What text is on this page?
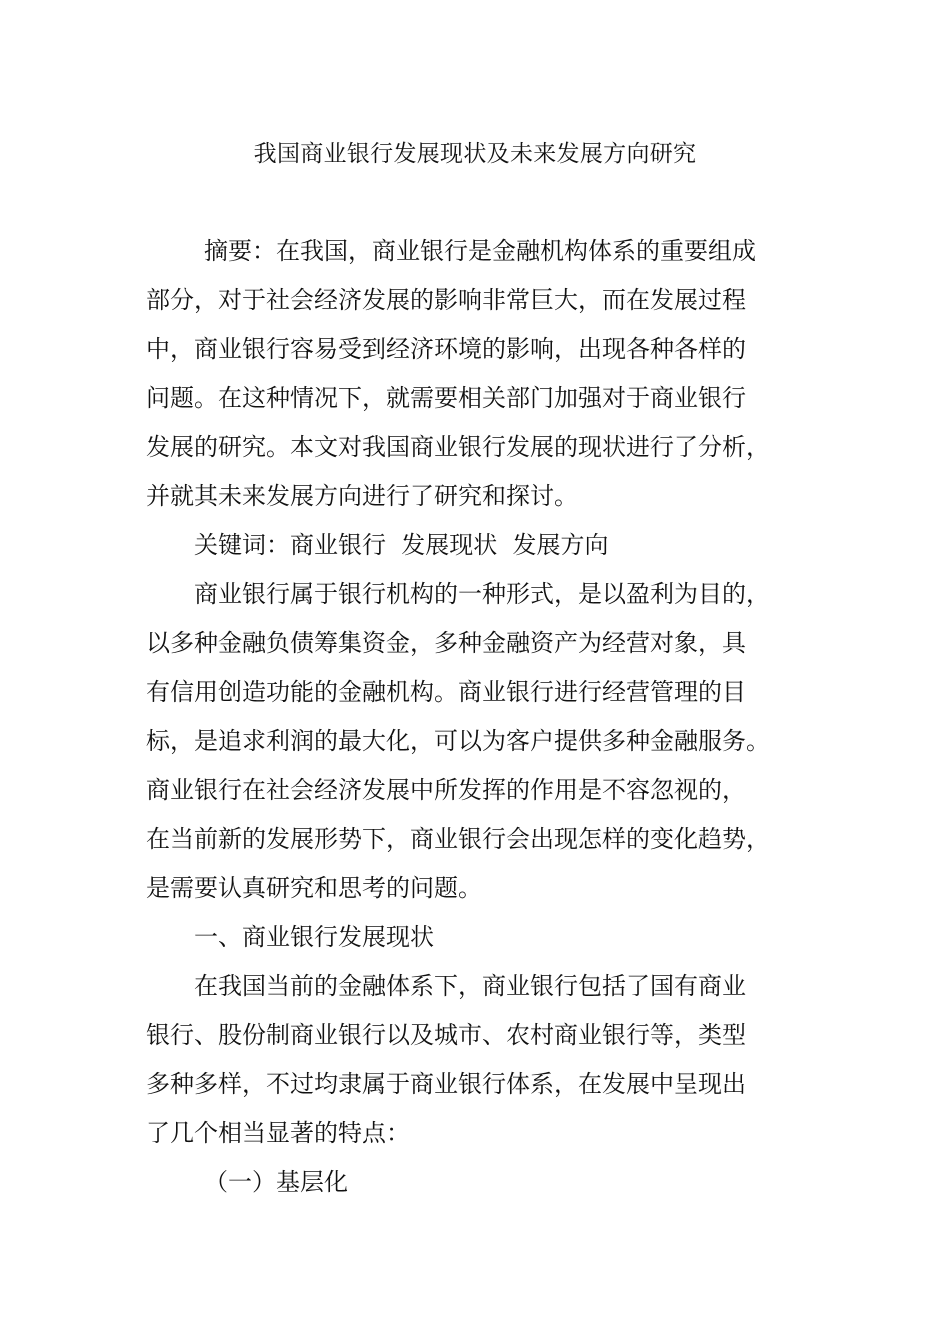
我国商业银行发展现状及未来发展方向研究
摘要：在我国，商业银行是金融机构体系的重要组成
部分，对于社会经济发展的影响非常巨大，而在发展过程
中，商业银行容易受到经济环境的影响，出现各种各样的
问题。在这种情况下，就需要相关部门加强对于商业银行
发展的研究。本文对我国商业银行发展的现状进行了分析，
并就其未来发展方向进行了研究和探讨。
关键词：商业银行  发展现状  发展方向
商业银行属于银行机构的一种形式，是以盈利为目的，
以多种金融负债筹集资金，多种金融资产为经营对象，具
有信用创造功能的金融机构。商业银行进行经营管理的目
标，是追求利润的最大化，可以为客户提供多种金融服务。
商业银行在社会经济发展中所发挥的作用是不容忽视的，
在当前新的发展形势下，商业银行会出现怎样的变化趋势，
是需要认真研究和思考的问题。
一、商业银行发展现状
在我国当前的金融体系下，商业银行包括了国有商业
银行、股份制商业银行以及城市、农村商业银行等，类型
多种多样，不过均隶属于商业银行体系，在发展中呈现出
了几个相当显著的特点：
（一）基层化
